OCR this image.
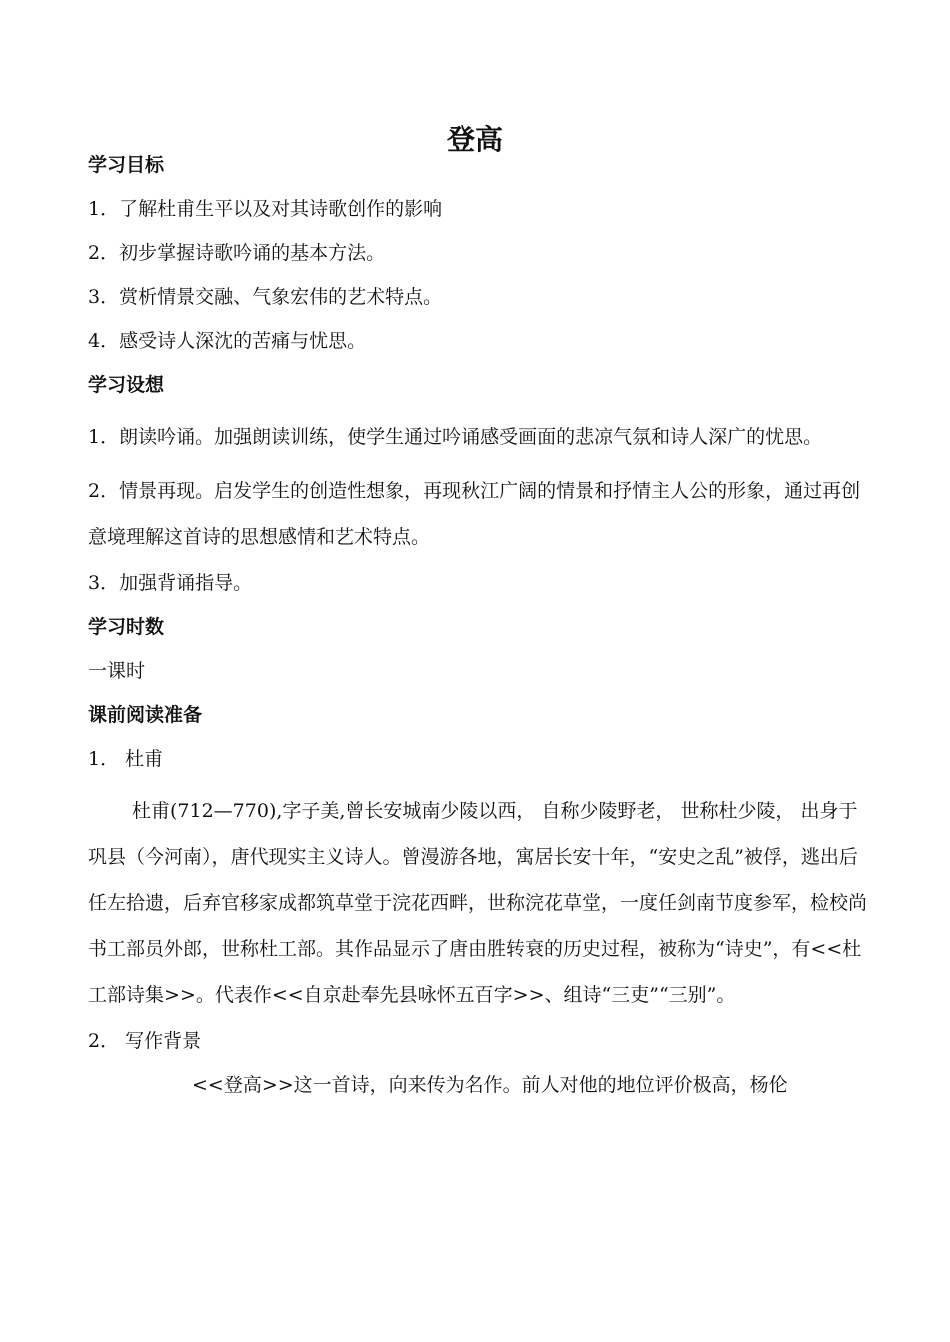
登高
学习目标
1．了解杜甫生平以及对其诗歌创作的影响
2．初步掌握诗歌吟诵的基本方法。
3．赏析情景交融、气象宏伟的艺术特点。
4．感受诗人深沈的苦痛与忧思。
学习设想
1．朗读吟诵。加强朗读训练，使学生通过吟诵感受画面的悲凉气氛和诗人深广的忧思。
2．情景再现。启发学生的创造性想象，再现秋江广阔的情景和抒情主人公的形象，通过再创意境理解这首诗的思想感情和艺术特点。
3．加强背诵指导。
学习时数
一课时
课前阅读准备
1． 杜甫
杜甫(712—770),字子美,曾长安城南少陵以西， 自称少陵野老， 世称杜少陵， 出身于巩县（今河南），唐代现实主义诗人。曾漫游各地，寓居长安十年，“安史之乱”被俘，逃出后任左拾遗，后弃官移家成都筑草堂于浣花西畔，世称浣花草堂，一度任剑南节度参军，检校尚书工部员外郎，世称杜工部。其作品显示了唐由胜转衰的历史过程，被称为“诗史”，有<<杜工部诗集>>。代表作<<自京赴奉先县咏怀五百字>>、组诗“三吏”“三别”。
2． 写作背景
<<登高>>这一首诗，向来传为名作。前人对他的地位评价极高，杨伦
